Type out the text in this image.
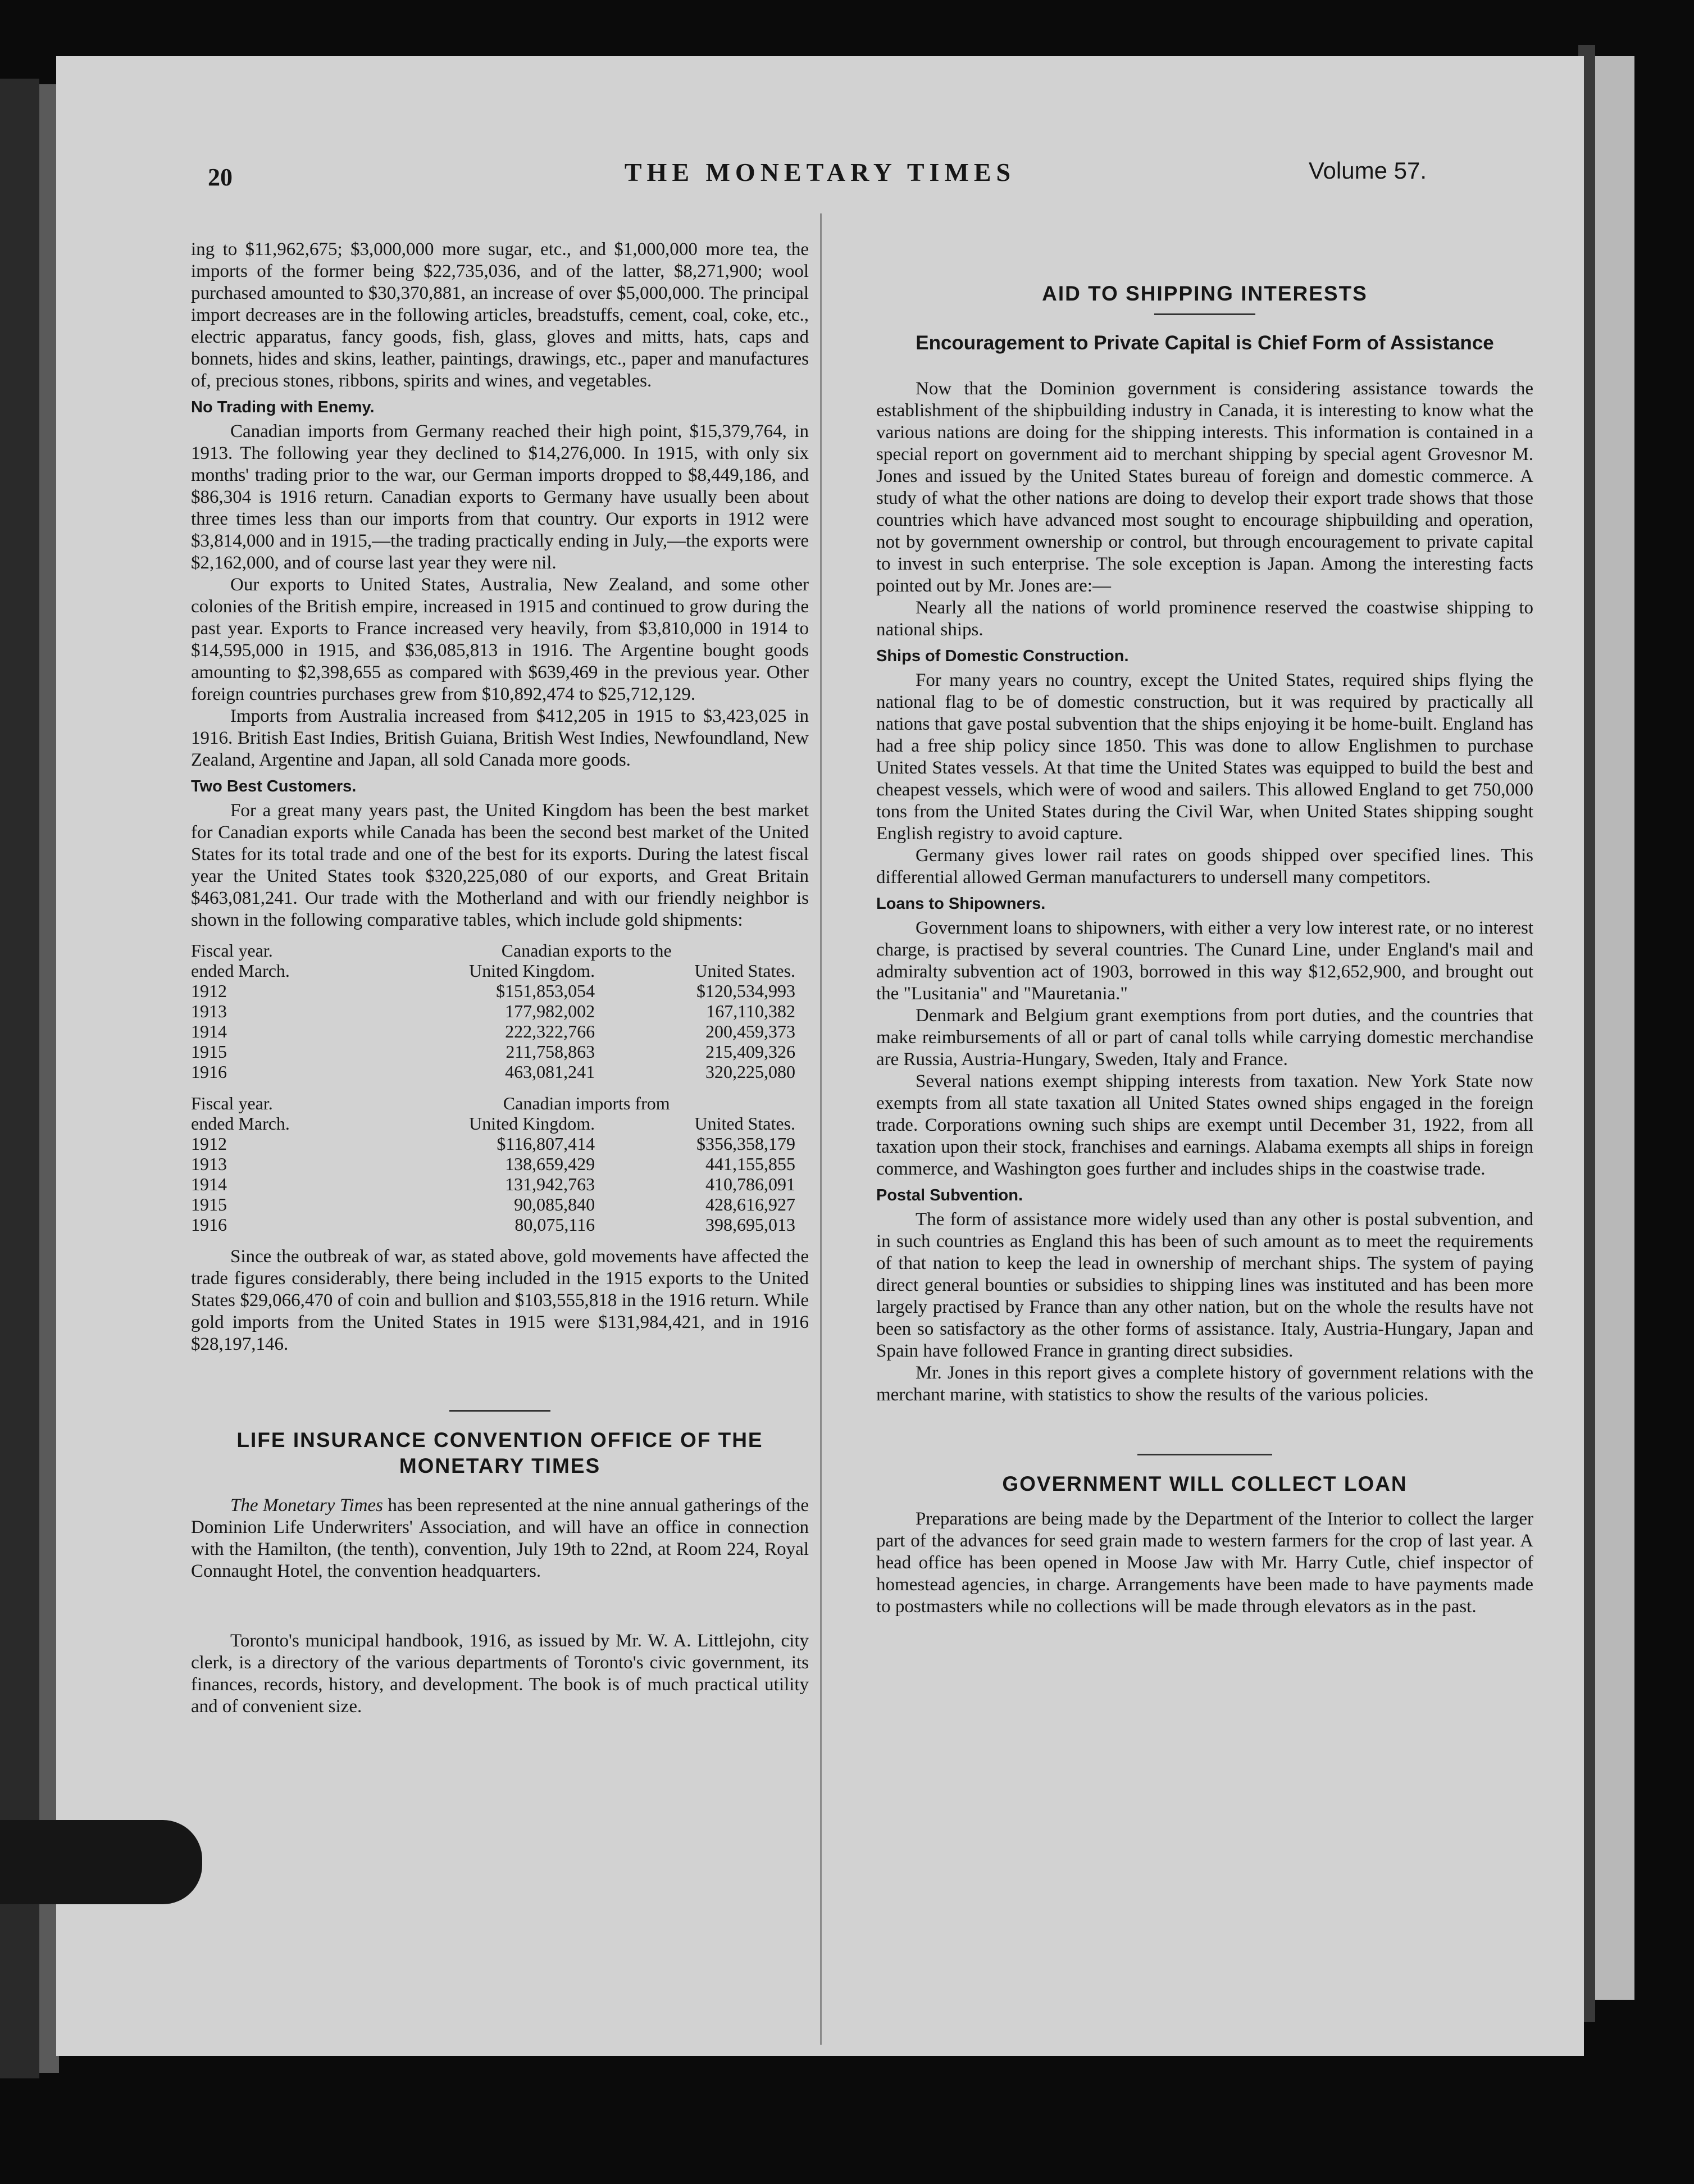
20	THE MONETARY TIMES	Volume 57.

ing to $11,962,675; $3,000,000 more sugar, etc., and $1,000,000 more tea, the imports of the former being $22,735,036, and of the latter, $8,271,900; wool purchased amounted to $30,370,881, an increase of over $5,000,000. The principal import decreases are in the following articles, breadstuffs, cement, coal, coke, etc., electric apparatus, fancy goods, fish, glass, gloves and mitts, hats, caps and bonnets, hides and skins, leather, paintings, drawings, etc., paper and manufactures of, precious stones, ribbons, spirits and wines, and vegetables.

No Trading with Enemy.

Canadian imports from Germany reached their high point, $15,379,764, in 1913. The following year they declined to $14,276,000. In 1915, with only six months' trading prior to the war, our German imports dropped to $8,449,186, and $86,304 is 1916 return. Canadian exports to Germany have usually been about three times less than our imports from that country. Our exports in 1912 were $3,814,000 and in 1915,—the trading practically ending in July,—the exports were $2,162,000, and of course last year they were nil.

Our exports to United States, Australia, New Zealand, and some other colonies of the British empire, increased in 1915 and continued to grow during the past year. Exports to France increased very heavily, from $3,810,000 in 1914 to $14,595,000 in 1915, and $36,085,813 in 1916. The Argentine bought goods amounting to $2,398,655 as compared with $639,469 in the previous year. Other foreign countries purchases grew from $10,892,474 to $25,712,129.

Imports from Australia increased from $412,205 in 1915 to $3,423,025 in 1916. British East Indies, British Guiana, British West Indies, Newfoundland, New Zealand, Argentine and Japan, all sold Canada more goods.

Two Best Customers.

For a great many years past, the United Kingdom has been the best market for Canadian exports while Canada has been the second best market of the United States for its total trade and one of the best for its exports. During the latest fiscal year the United States took $320,225,080 of our exports, and Great Britain $463,081,241. Our trade with the Motherland and with our friendly neighbor is shown in the following comparative tables, which include gold shipments:

Fiscal year.	Canadian exports to the	
ended March.	United Kingdom.	United States.
1912	$151,853,054	$120,534,993
1913	177,982,002	167,110,382
1914	222,322,766	200,459,373
1915	211,758,863	215,409,326
1916	463,081,241	320,225,080
Fiscal year.	Canadian imports from	
ended March.	United Kingdom.	United States.
1912	$116,807,414	$356,358,179
1913	138,659,429	441,155,855
1914	131,942,763	410,786,091
1915	90,085,840	428,616,927
1916	80,075,116	398,695,013

Since the outbreak of war, as stated above, gold movements have affected the trade figures considerably, there being included in the 1915 exports to the United States $29,066,470 of coin and bullion and $103,555,818 in the 1916 return. While gold imports from the United States in 1915 were $131,984,421, and in 1916 $28,197,146.

LIFE INSURANCE CONVENTION OFFICE OF THE MONETARY TIMES

The Monetary Times has been represented at the nine annual gatherings of the Dominion Life Underwriters' Association, and will have an office in connection with the Hamilton, (the tenth), convention, July 19th to 22nd, at Room 224, Royal Connaught Hotel, the convention headquarters.

Toronto's municipal handbook, 1916, as issued by Mr. W. A. Littlejohn, city clerk, is a directory of the various departments of Toronto's civic government, its finances, records, history, and development. The book is of much practical utility and of convenient size.

AID TO SHIPPING INTERESTS
Encouragement to Private Capital is Chief Form of Assistance

Now that the Dominion government is considering assistance towards the establishment of the shipbuilding industry in Canada, it is interesting to know what the various nations are doing for the shipping interests. This information is contained in a special report on government aid to merchant shipping by special agent Grovesnor M. Jones and issued by the United States bureau of foreign and domestic commerce. A study of what the other nations are doing to develop their export trade shows that those countries which have advanced most sought to encourage shipbuilding and operation, not by government ownership or control, but through encouragement to private capital to invest in such enterprise. The sole exception is Japan. Among the interesting facts pointed out by Mr. Jones are:—

Nearly all the nations of world prominence reserved the coastwise shipping to national ships.

Ships of Domestic Construction.

For many years no country, except the United States, required ships flying the national flag to be of domestic construction, but it was required by practically all nations that gave postal subvention that the ships enjoying it be home-built. England has had a free ship policy since 1850. This was done to allow Englishmen to purchase United States vessels. At that time the United States was equipped to build the best and cheapest vessels, which were of wood and sailers. This allowed England to get 750,000 tons from the United States during the Civil War, when United States shipping sought English registry to avoid capture.

Germany gives lower rail rates on goods shipped over specified lines. This differential allowed German manufacturers to undersell many competitors.

Loans to Shipowners.

Government loans to shipowners, with either a very low interest rate, or no interest charge, is practised by several countries. The Cunard Line, under England's mail and admiralty subvention act of 1903, borrowed in this way $12,652,900, and brought out the "Lusitania" and "Mauretania."

Denmark and Belgium grant exemptions from port duties, and the countries that make reimbursements of all or part of canal tolls while carrying domestic merchandise are Russia, Austria-Hungary, Sweden, Italy and France.

Several nations exempt shipping interests from taxation. New York State now exempts from all state taxation all United States owned ships engaged in the foreign trade. Corporations owning such ships are exempt until December 31, 1922, from all taxation upon their stock, franchises and earnings. Alabama exempts all ships in foreign commerce, and Washington goes further and includes ships in the coastwise trade.

Postal Subvention.

The form of assistance more widely used than any other is postal subvention, and in such countries as England this has been of such amount as to meet the requirements of that nation to keep the lead in ownership of merchant ships. The system of paying direct general bounties or subsidies to shipping lines was instituted and has been more largely practised by France than any other nation, but on the whole the results have not been so satisfactory as the other forms of assistance. Italy, Austria-Hungary, Japan and Spain have followed France in granting direct subsidies.

Mr. Jones in this report gives a complete history of government relations with the merchant marine, with statistics to show the results of the various policies.

GOVERNMENT WILL COLLECT LOAN

Preparations are being made by the Department of the Interior to collect the larger part of the advances for seed grain made to western farmers for the crop of last year. A head office has been opened in Moose Jaw with Mr. Harry Cutle, chief inspector of homestead agencies, in charge. Arrangements have been made to have payments made to postmasters while no collections will be made through elevators as in the past.
